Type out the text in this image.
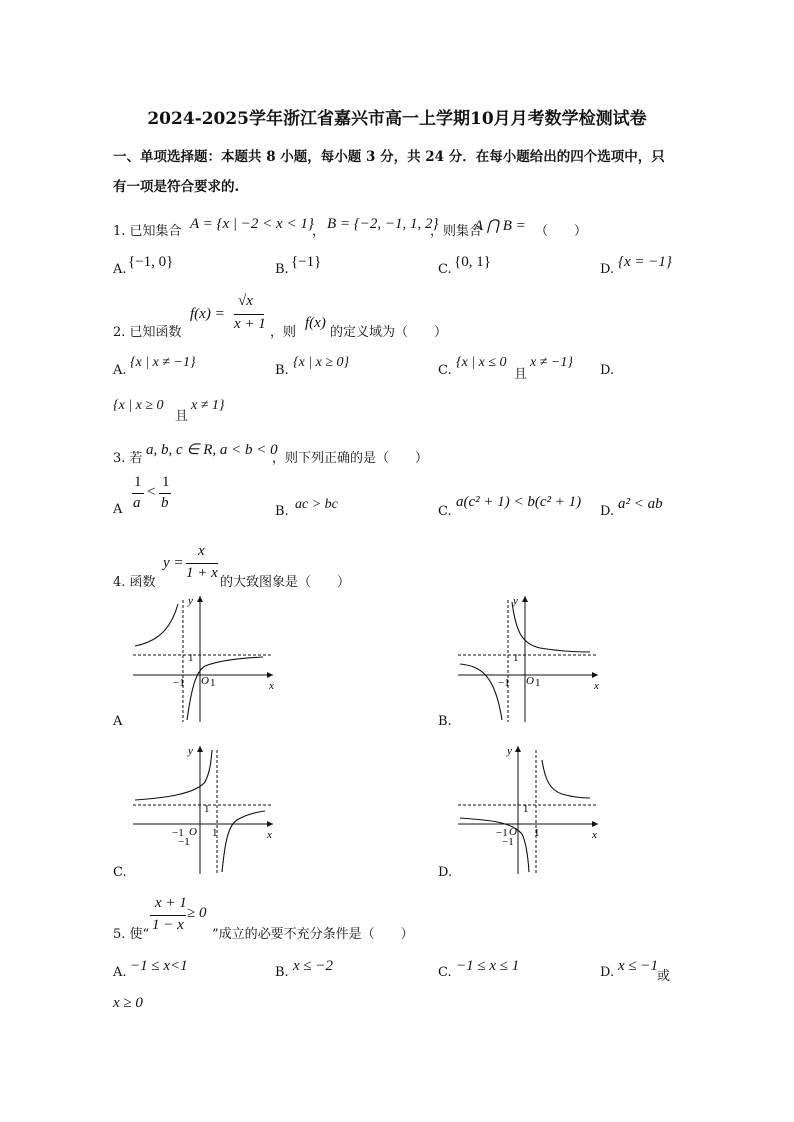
2024-2025学年浙江省嘉兴市高一上学期10月月考数学检测试卷
一、单项选择题：本题共 8 小题，每小题 3 分，共 24 分．在每小题给出的四个选项中，只
有一项是符合要求的.
1. 已知集合 A = {x | −2 < x < 1}
， B = {−2, −1, 1, 2}
，则集合
A ⋂ B = （　　）
A. {−1, 0}	B. {−1}	C. {0, 1}	D. {x = −1}
2. 已知函数
f(x) =
√x
x + 1
，则
f(x)
的定义域为（　　）
A.
{x | x ≠ −1}
B.
{x | x ≥ 0}
C.
{x | x ≤ 0
且
x ≠ −1}
D.
{x | x ≥ 0
且
x ≠ 1}
3. 若
a, b, c ∈ R, a < b < 0
，则下列正确的是（　　）
A
1
a
<
1
b
B. ac > bc	C.
a(c² + 1) < b(c² + 1)
D. a² < ab
4. 函数
y =
x
1 + x
的大致图象是（　　）
y
x
1
O 1
−1
A
y
x
1
O 1
−1
B.
y
x
1
O 1
−1
−1
C.
y
x
1
O 1
−1
−1
D.
5. 使“
x + 1
1 − x
≥ 0
”成立的必要不充分条件是（　　）
A. −1 ≤ x<1	B. x ≤ −2	C. −1 ≤ x ≤ 1	D. x ≤ −1
或
x ≥ 0
